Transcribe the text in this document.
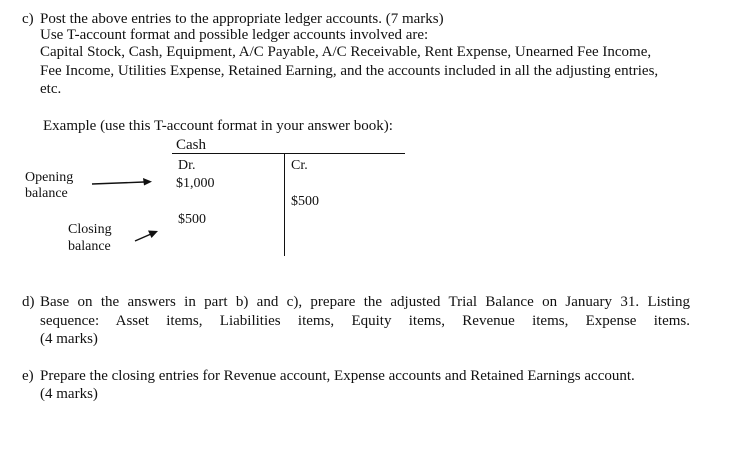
c) Post the above entries to the appropriate ledger accounts. (7 marks)
Use T-account format and possible ledger accounts involved are:
Capital Stock, Cash, Equipment, A/C Payable, A/C Receivable, Rent Expense, Unearned Fee Income,
Fee Income, Utilities Expense, Retained Earning, and the accounts included in all the adjusting entries,
etc.
Example (use this T-account format in your answer book):
Cash
Dr.	Cr.
$1,000
$500
$500
Opening
balance
Closing
balance
d) Base on the answers in part b) and c), prepare the adjusted Trial Balance on January 31. Listing
sequence: Asset items, Liabilities items, Equity items, Revenue items, Expense items.
(4 marks)
e) Prepare the closing entries for Revenue account, Expense accounts and Retained Earnings account.
(4 marks)
